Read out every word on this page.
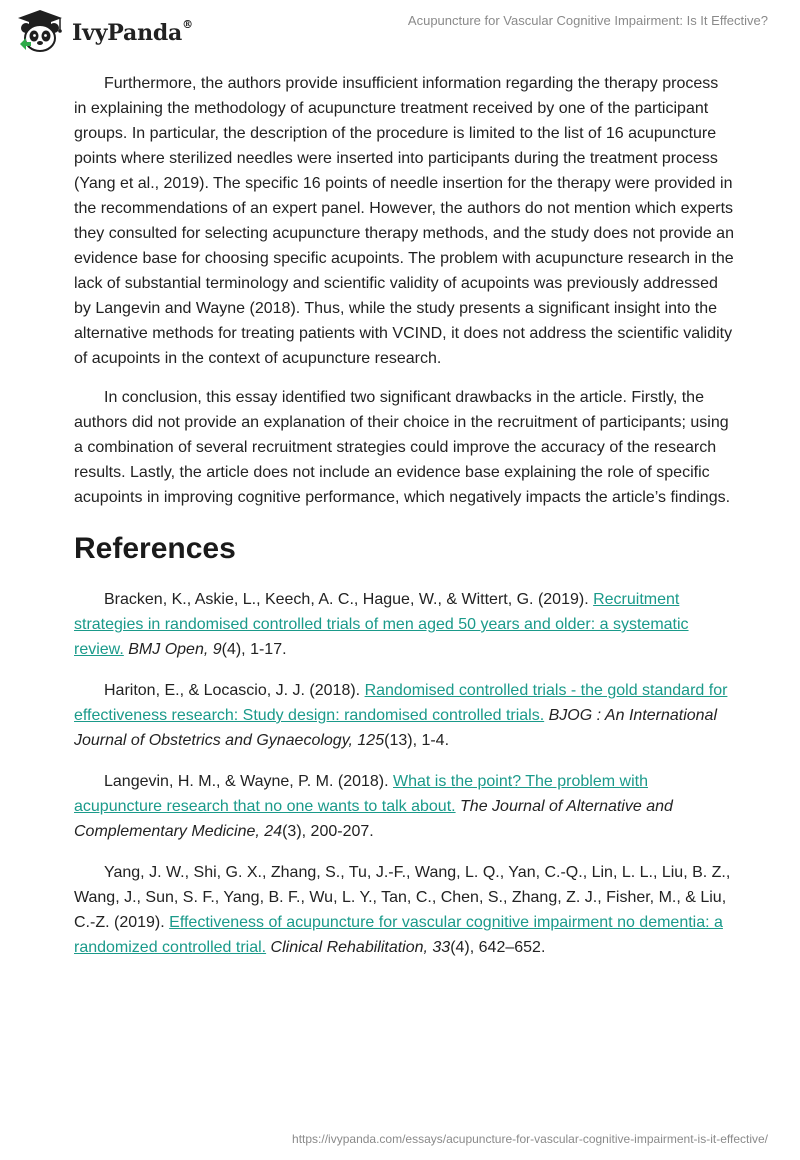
IvyPanda®	Acupuncture for Vascular Cognitive Impairment: Is It Effective?

Furthermore, the authors provide insufficient information regarding the therapy process in explaining the methodology of acupuncture treatment received by one of the participant groups. In particular, the description of the procedure is limited to the list of 16 acupuncture points where sterilized needles were inserted into participants during the treatment process (Yang et al., 2019). The specific 16 points of needle insertion for the therapy were provided in the recommendations of an expert panel. However, the authors do not mention which experts they consulted for selecting acupuncture therapy methods, and the study does not provide an evidence base for choosing specific acupoints. The problem with acupuncture research in the lack of substantial terminology and scientific validity of acupoints was previously addressed by Langevin and Wayne (2018). Thus, while the study presents a significant insight into the alternative methods for treating patients with VCIND, it does not address the scientific validity of acupoints in the context of acupuncture research.

In conclusion, this essay identified two significant drawbacks in the article. Firstly, the authors did not provide an explanation of their choice in the recruitment of participants; using a combination of several recruitment strategies could improve the accuracy of the research results. Lastly, the article does not include an evidence base explaining the role of specific acupoints in improving cognitive performance, which negatively impacts the article’s findings.

References

Bracken, K., Askie, L., Keech, A. C., Hague, W., & Wittert, G. (2019). Recruitment strategies in randomised controlled trials of men aged 50 years and older: a systematic review. BMJ Open, 9(4), 1-17.

Hariton, E., & Locascio, J. J. (2018). Randomised controlled trials - the gold standard for effectiveness research: Study design: randomised controlled trials. BJOG : An International Journal of Obstetrics and Gynaecology, 125(13), 1-4.

Langevin, H. M., & Wayne, P. M. (2018). What is the point? The problem with acupuncture research that no one wants to talk about. The Journal of Alternative and Complementary Medicine, 24(3), 200-207.

Yang, J. W., Shi, G. X., Zhang, S., Tu, J.-F., Wang, L. Q., Yan, C.-Q., Lin, L. L., Liu, B. Z., Wang, J., Sun, S. F., Yang, B. F., Wu, L. Y., Tan, C., Chen, S., Zhang, Z. J., Fisher, M., & Liu, C.-Z. (2019). Effectiveness of acupuncture for vascular cognitive impairment no dementia: a randomized controlled trial. Clinical Rehabilitation, 33(4), 642–652.

https://ivypanda.com/essays/acupuncture-for-vascular-cognitive-impairment-is-it-effective/
